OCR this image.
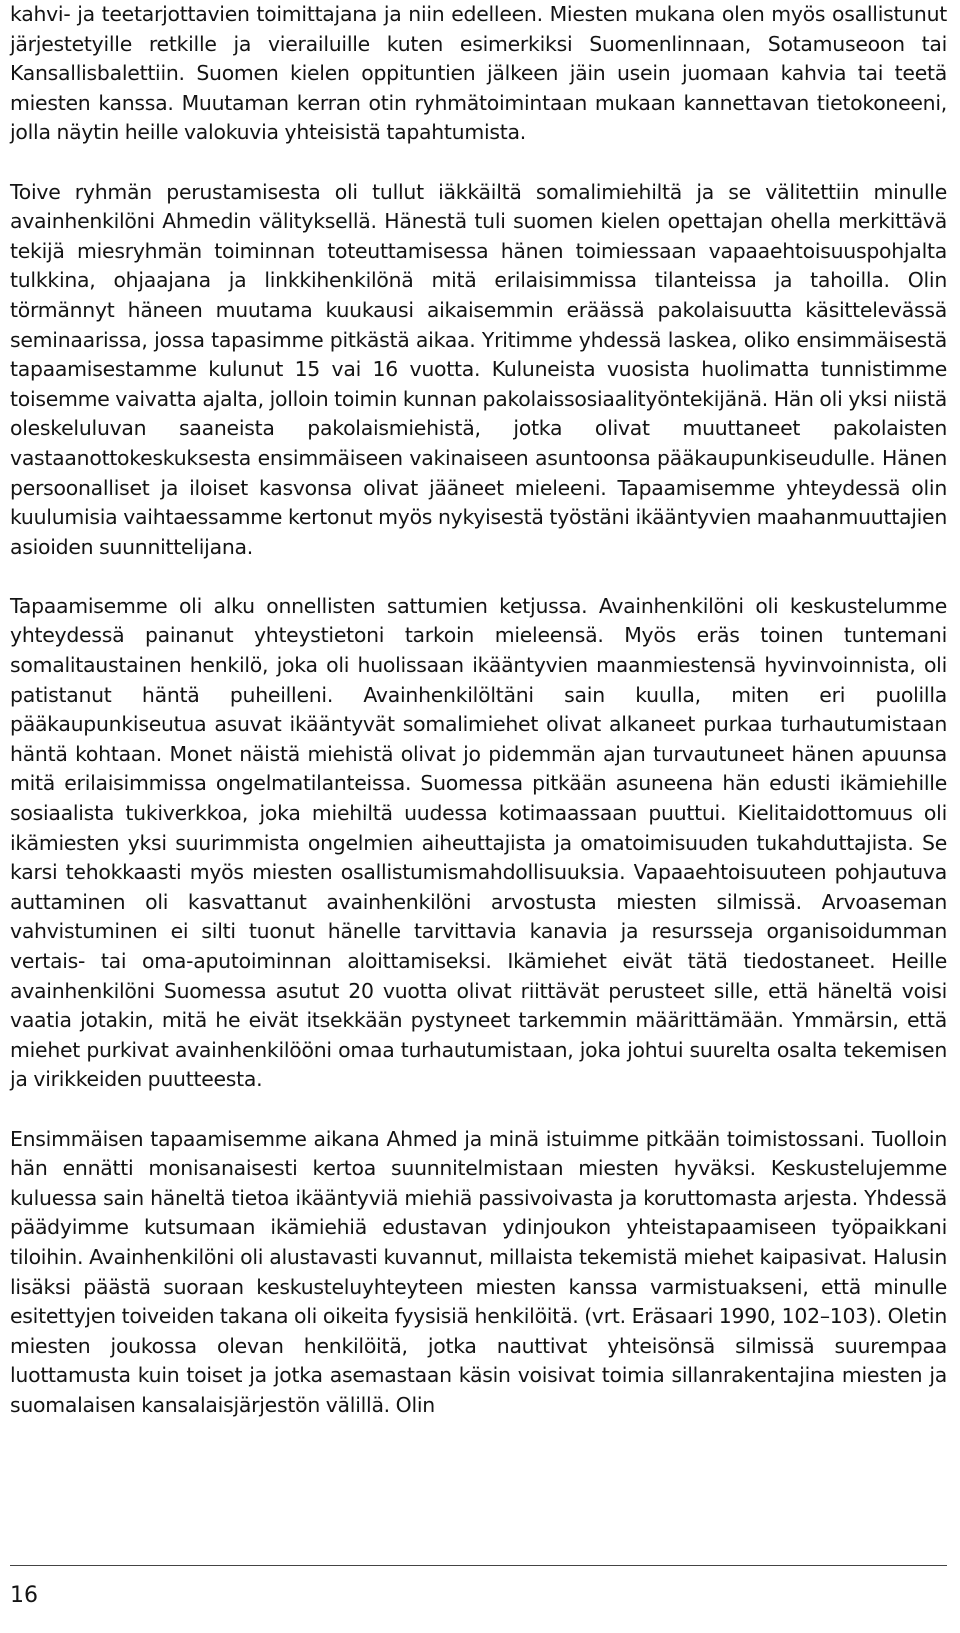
kahvi- ja teetarjottavien toimittajana ja niin edelleen. Miesten mukana olen myös osallistunut järjestetyille retkille ja vierailuille kuten esimerkiksi Suomenlinnaan, Sotamuseoon tai Kansallisbalettiin. Suomen kielen oppituntien jälkeen jäin usein juomaan kahvia tai teetä miesten kanssa. Muutaman kerran otin ryhmätoimintaan mukaan kannettavan tietokoneeni, jolla näytin heille valokuvia yhteisistä tapahtumista.

Toive ryhmän perustamisesta oli tullut iäkkäiltä somalimiehiltä ja se välitettiin minulle avainhenkilöni Ahmedin välityksellä. Hänestä tuli suomen kielen opettajan ohella merkittävä tekijä miesryhmän toiminnan toteuttamisessa hänen toimiessaan vapaaehtoisuuspohjalta tulkkina, ohjaajana ja linkkihenkilönä mitä erilaisimmissa tilanteissa ja tahoilla. Olin törmännyt häneen muutama kuukausi aikaisemmin eräässä pakolaisuutta käsittelevässä seminaarissa, jossa tapasimme pitkästä aikaa. Yritimme yhdessä laskea, oliko ensimmäisestä tapaamisestamme kulunut 15 vai 16 vuotta. Kuluneista vuosista huolimatta tunnistimme toisemme vaivatta ajalta, jolloin toimin kunnan pakolaissosiaalityöntekijänä. Hän oli yksi niistä oleskeluluvan saaneista pakolaismiehistä, jotka olivat muuttaneet pakolaisten vastaanottokeskuksesta ensimmäiseen vakinaiseen asuntoonsa pääkaupunkiseudulle. Hänen persoonalliset ja iloiset kasvonsa olivat jääneet mieleeni. Tapaamisemme yhteydessä olin kuulumisia vaihtaessamme kertonut myös nykyisestä työstäni ikääntyvien maahanmuuttajien asioiden suunnittelijana.

Tapaamisemme oli alku onnellisten sattumien ketjussa. Avainhenkilöni oli keskustelumme yhteydessä painanut yhteystietoni tarkoin mieleensä. Myös eräs toinen tuntemani somalitaustainen henkilö, joka oli huolissaan ikääntyvien maanmiestensä hyvinvoinnista, oli patistanut häntä puheilleni. Avainhenkilöltäni sain kuulla, miten eri puolilla pääkaupunkiseutua asuvat ikääntyvät somalimiehet olivat alkaneet purkaa turhautumistaan häntä kohtaan. Monet näistä miehistä olivat jo pidemmän ajan turvautuneet hänen apuunsa mitä erilaisimmissa ongelmatilanteissa. Suomessa pitkään asuneena hän edusti ikämiehille sosiaalista tukiverkkoa, joka miehiltä uudessa kotimaassaan puuttui. Kielitaidottomuus oli ikämiesten yksi suurimmista ongelmien aiheuttajista ja omatoimisuuden tukahduttajista. Se karsi tehokkaasti myös miesten osallistumismahdollisuuksia. Vapaaehtoisuuteen pohjautuva auttaminen oli kasvattanut avainhenkilöni arvostusta miesten silmissä. Arvoaseman vahvistuminen ei silti tuonut hänelle tarvittavia kanavia ja resursseja organisoidumman vertais- tai oma-aputoiminnan aloittamiseksi. Ikämiehet eivät tätä tiedostaneet. Heille avainhenkilöni Suomessa asutut 20 vuotta olivat riittävät perusteet sille, että häneltä voisi vaatia jotakin, mitä he eivät itsekkään pystyneet tarkemmin määrittämään. Ymmärsin, että miehet purkivat avainhenkilööni omaa turhautumistaan, joka johtui suurelta osalta tekemisen ja virikkeiden puutteesta.

Ensimmäisen tapaamisemme aikana Ahmed ja minä istuimme pitkään toimistossani. Tuolloin hän ennätti monisanaisesti kertoa suunnitelmistaan miesten hyväksi. Keskustelujemme kuluessa sain häneltä tietoa ikääntyviä miehiä passivoivasta ja koruttomasta arjesta. Yhdessä päädyimme kutsumaan ikämiehiä edustavan ydinjoukon yhteistapaamiseen työpaikkani tiloihin. Avainhenkilöni oli alustavasti kuvannut, millaista tekemistä miehet kaipasivat. Halusin lisäksi päästä suoraan keskusteluyhteyteen miesten kanssa varmistuakseni, että minulle esitettyjen toiveiden takana oli oikeita fyysisiä henkilöitä. (vrt. Eräsaari 1990, 102–103). Oletin miesten joukossa olevan henkilöitä, jotka nauttivat yhteisönsä silmissä suurempaa luottamusta kuin toiset ja jotka asemastaan käsin voisivat toimia sillanrakentajina miesten ja suomalaisen kansalaisjärjestön välillä. Olin

16
